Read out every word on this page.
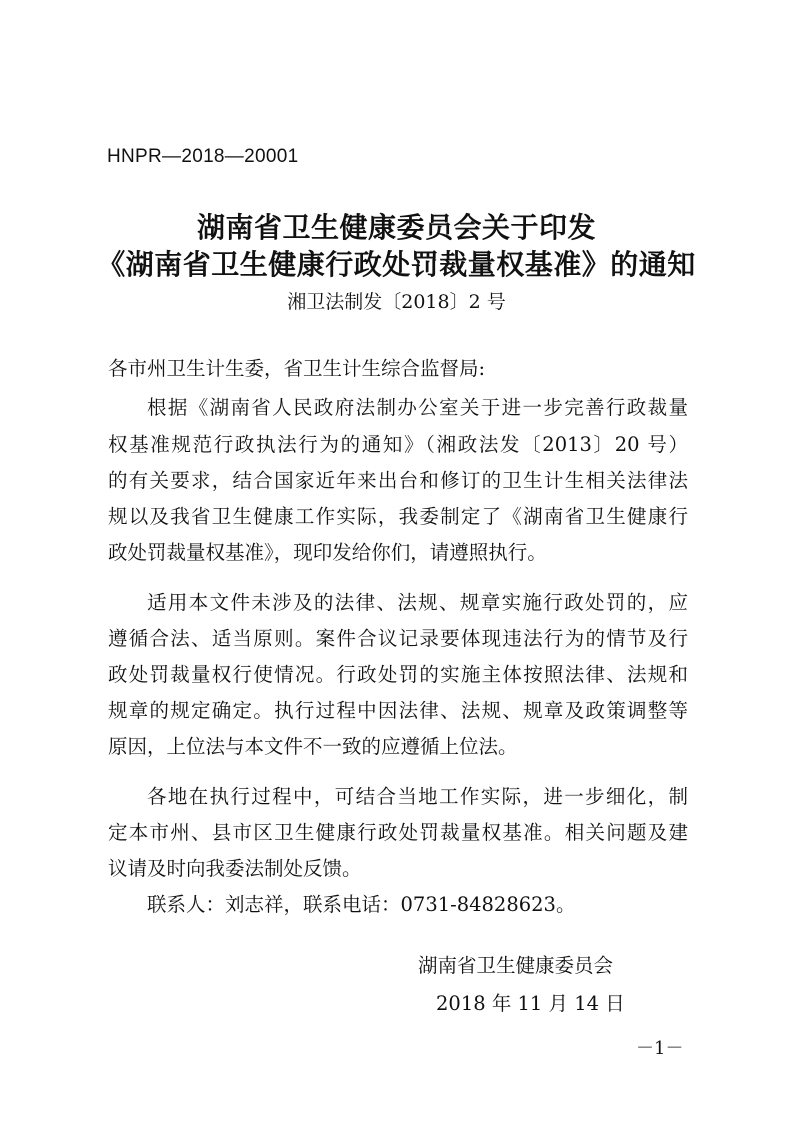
HNPR—2018—20001
湖南省卫生健康委员会关于印发
《湖南省卫生健康行政处罚裁量权基准》的通知
湘卫法制发〔2018〕2 号
各市州卫生计生委，省卫生计生综合监督局:
根据《湖南省人民政府法制办公室关于进一步完善行政裁量
权基准规范行政执法行为的通知》（湘政法发〔2013〕20 号）
的有关要求，结合国家近年来出台和修订的卫生计生相关法律法
规以及我省卫生健康工作实际，我委制定了《湖南省卫生健康行
政处罚裁量权基准》，现印发给你们，请遵照执行。
适用本文件未涉及的法律、法规、规章实施行政处罚的，应
遵循合法、适当原则。案件合议记录要体现违法行为的情节及行
政处罚裁量权行使情况。行政处罚的实施主体按照法律、法规和
规章的规定确定。执行过程中因法律、法规、规章及政策调整等
原因，上位法与本文件不一致的应遵循上位法。
各地在执行过程中，可结合当地工作实际，进一步细化，制
定本市州、县市区卫生健康行政处罚裁量权基准。相关问题及建
议请及时向我委法制处反馈。
联系人：刘志祥，联系电话：0731-84828623。
湖南省卫生健康委员会
2018 年 11 月 14 日
－1－
